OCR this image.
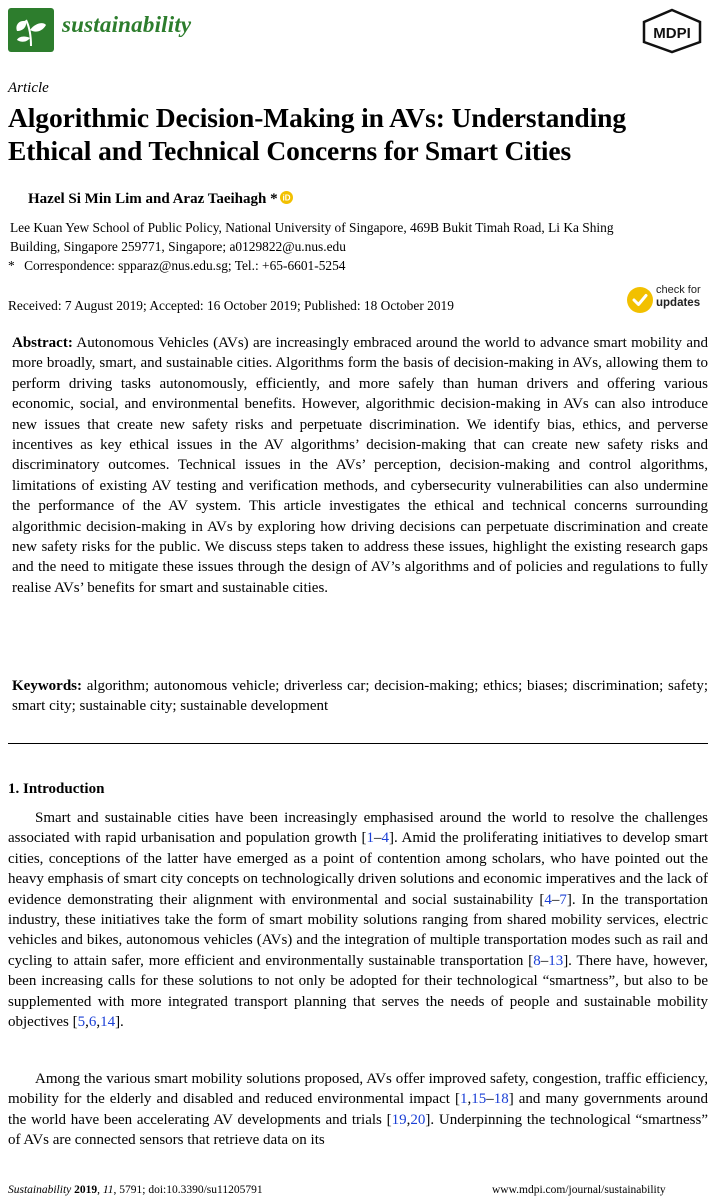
sustainability	MDPI
Article
Algorithmic Decision-Making in AVs: Understanding Ethical and Technical Concerns for Smart Cities
Hazel Si Min Lim and Araz Taeihagh * iD
Lee Kuan Yew School of Public Policy, National University of Singapore, 469B Bukit Timah Road, Li Ka Shing
Building, Singapore 259771, Singapore; a0129822@u.nus.edu
* Correspondence: spparaz@nus.edu.sg; Tel.: +65-6601-5254
Received: 7 August 2019; Accepted: 16 October 2019; Published: 18 October 2019
check for
updates
Abstract: Autonomous Vehicles (AVs) are increasingly embraced around the world to advance smart mobility and more broadly, smart, and sustainable cities. Algorithms form the basis of decision-making in AVs, allowing them to perform driving tasks autonomously, efficiently, and more safely than human drivers and offering various economic, social, and environmental benefits. However, algorithmic decision-making in AVs can also introduce new issues that create new safety risks and perpetuate discrimination. We identify bias, ethics, and perverse incentives as key ethical issues in the AV algorithms’ decision-making that can create new safety risks and discriminatory outcomes. Technical issues in the AVs’ perception, decision-making and control algorithms, limitations of existing AV testing and verification methods, and cybersecurity vulnerabilities can also undermine the performance of the AV system. This article investigates the ethical and technical concerns surrounding algorithmic decision-making in AVs by exploring how driving decisions can perpetuate discrimination and create new safety risks for the public. We discuss steps taken to address these issues, highlight the existing research gaps and the need to mitigate these issues through the design of AV’s algorithms and of policies and regulations to fully realise AVs’ benefits for smart and sustainable cities.
Keywords: algorithm; autonomous vehicle; driverless car; decision-making; ethics; biases; discrimination; safety; smart city; sustainable city; sustainable development
1. Introduction
Smart and sustainable cities have been increasingly emphasised around the world to resolve the challenges associated with rapid urbanisation and population growth [1–4]. Amid the proliferating initiatives to develop smart cities, conceptions of the latter have emerged as a point of contention among scholars, who have pointed out the heavy emphasis of smart city concepts on technologically driven solutions and economic imperatives and the lack of evidence demonstrating their alignment with environmental and social sustainability [4–7]. In the transportation industry, these initiatives take the form of smart mobility solutions ranging from shared mobility services, electric vehicles and bikes, autonomous vehicles (AVs) and the integration of multiple transportation modes such as rail and cycling to attain safer, more efficient and environmentally sustainable transportation [8–13]. There have, however, been increasing calls for these solutions to not only be adopted for their technological “smartness”, but also to be supplemented with more integrated transport planning that serves the needs of people and sustainable mobility objectives [5,6,14].
Among the various smart mobility solutions proposed, AVs offer improved safety, congestion, traffic efficiency, mobility for the elderly and disabled and reduced environmental impact [1,15–18] and many governments around the world have been accelerating AV developments and trials [19,20]. Underpinning the technological “smartness” of AVs are connected sensors that retrieve data on its
Sustainability 2019, 11, 5791; doi:10.3390/su11205791	www.mdpi.com/journal/sustainability
